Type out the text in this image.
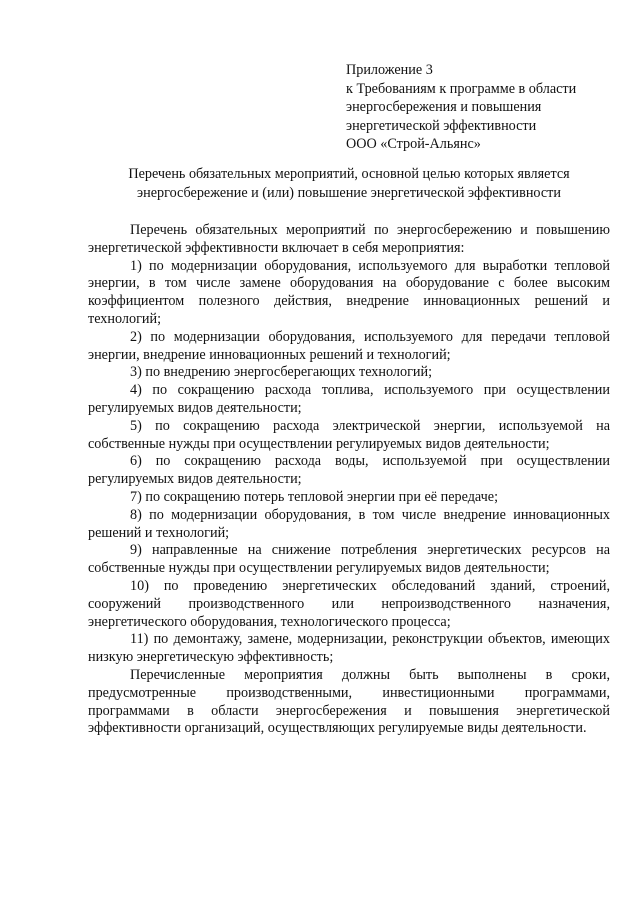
Приложение 3
к Требованиям к программе в области
энергосбережения и повышения
энергетической эффективности
ООО «Строй-Альянс»
Перечень обязательных мероприятий, основной целью которых является энергосбережение и (или) повышение энергетической эффективности

Перечень обязательных мероприятий по энергосбережению и повышению энергетической эффективности включает в себя мероприятия:

1) по модернизации оборудования, используемого для выработки тепловой энергии, в том числе замене оборудования на оборудование с более высоким коэффициентом полезного действия, внедрение инновационных решений и технологий;

2) по модернизации оборудования, используемого для передачи тепловой энергии, внедрение инновационных решений и технологий;

3) по внедрению энергосберегающих технологий;

4) по сокращению расхода топлива, используемого при осуществлении регулируемых видов деятельности;

5) по сокращению расхода электрической энергии, используемой на собственные нужды при осуществлении регулируемых видов деятельности;

6) по сокращению расхода воды, используемой при осуществлении регулируемых видов деятельности;

7) по сокращению потерь тепловой энергии при её передаче;

8) по модернизации оборудования, в том числе внедрение инновационных решений и технологий;

9) направленные на снижение потребления энергетических ресурсов на собственные нужды при осуществлении регулируемых видов деятельности;

10) по проведению энергетических обследований зданий, строений, сооружений производственного или непроизводственного назначения, энергетического оборудования, технологического процесса;

11) по демонтажу, замене, модернизации, реконструкции объектов, имеющих низкую энергетическую эффективность;

Перечисленные мероприятия должны быть выполнены в сроки, предусмотренные производственными, инвестиционными программами, программами в области энергосбережения и повышения энергетической эффективности организаций, осуществляющих регулируемые виды деятельности.
